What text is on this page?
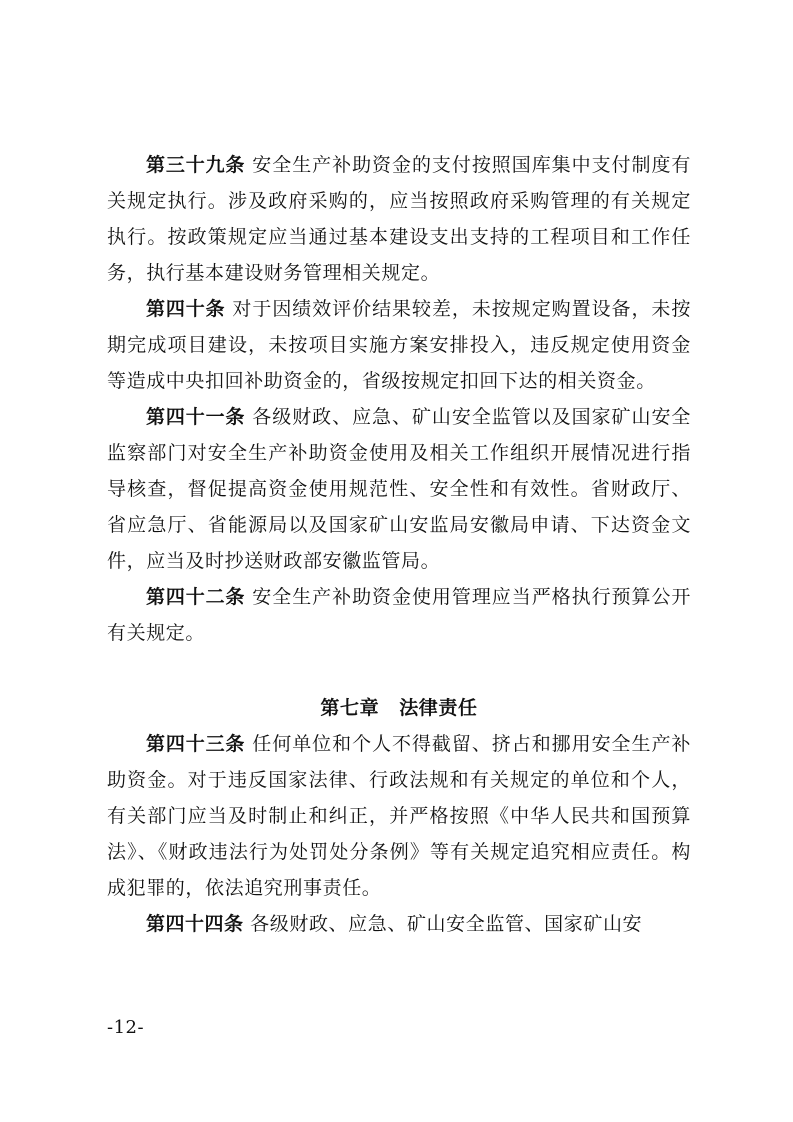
第三十九条 安全生产补助资金的支付按照国库集中支付制度有关规定执行。涉及政府采购的，应当按照政府采购管理的有关规定执行。按政策规定应当通过基本建设支出支持的工程项目和工作任务，执行基本建设财务管理相关规定。

第四十条 对于因绩效评价结果较差，未按规定购置设备，未按期完成项目建设，未按项目实施方案安排投入，违反规定使用资金等造成中央扣回补助资金的，省级按规定扣回下达的相关资金。

第四十一条 各级财政、应急、矿山安全监管以及国家矿山安全监察部门对安全生产补助资金使用及相关工作组织开展情况进行指导核查，督促提高资金使用规范性、安全性和有效性。省财政厅、省应急厅、省能源局以及国家矿山安监局安徽局申请、下达资金文件，应当及时抄送财政部安徽监管局。

第四十二条 安全生产补助资金使用管理应当严格执行预算公开有关规定。

第七章 法律责任

第四十三条 任何单位和个人不得截留、挤占和挪用安全生产补助资金。对于违反国家法律、行政法规和有关规定的单位和个人，有关部门应当及时制止和纠正，并严格按照《中华人民共和国预算法》、《财政违法行为处罚处分条例》等有关规定追究相应责任。构成犯罪的，依法追究刑事责任。

第四十四条 各级财政、应急、矿山安全监管、国家矿山安

-12-
